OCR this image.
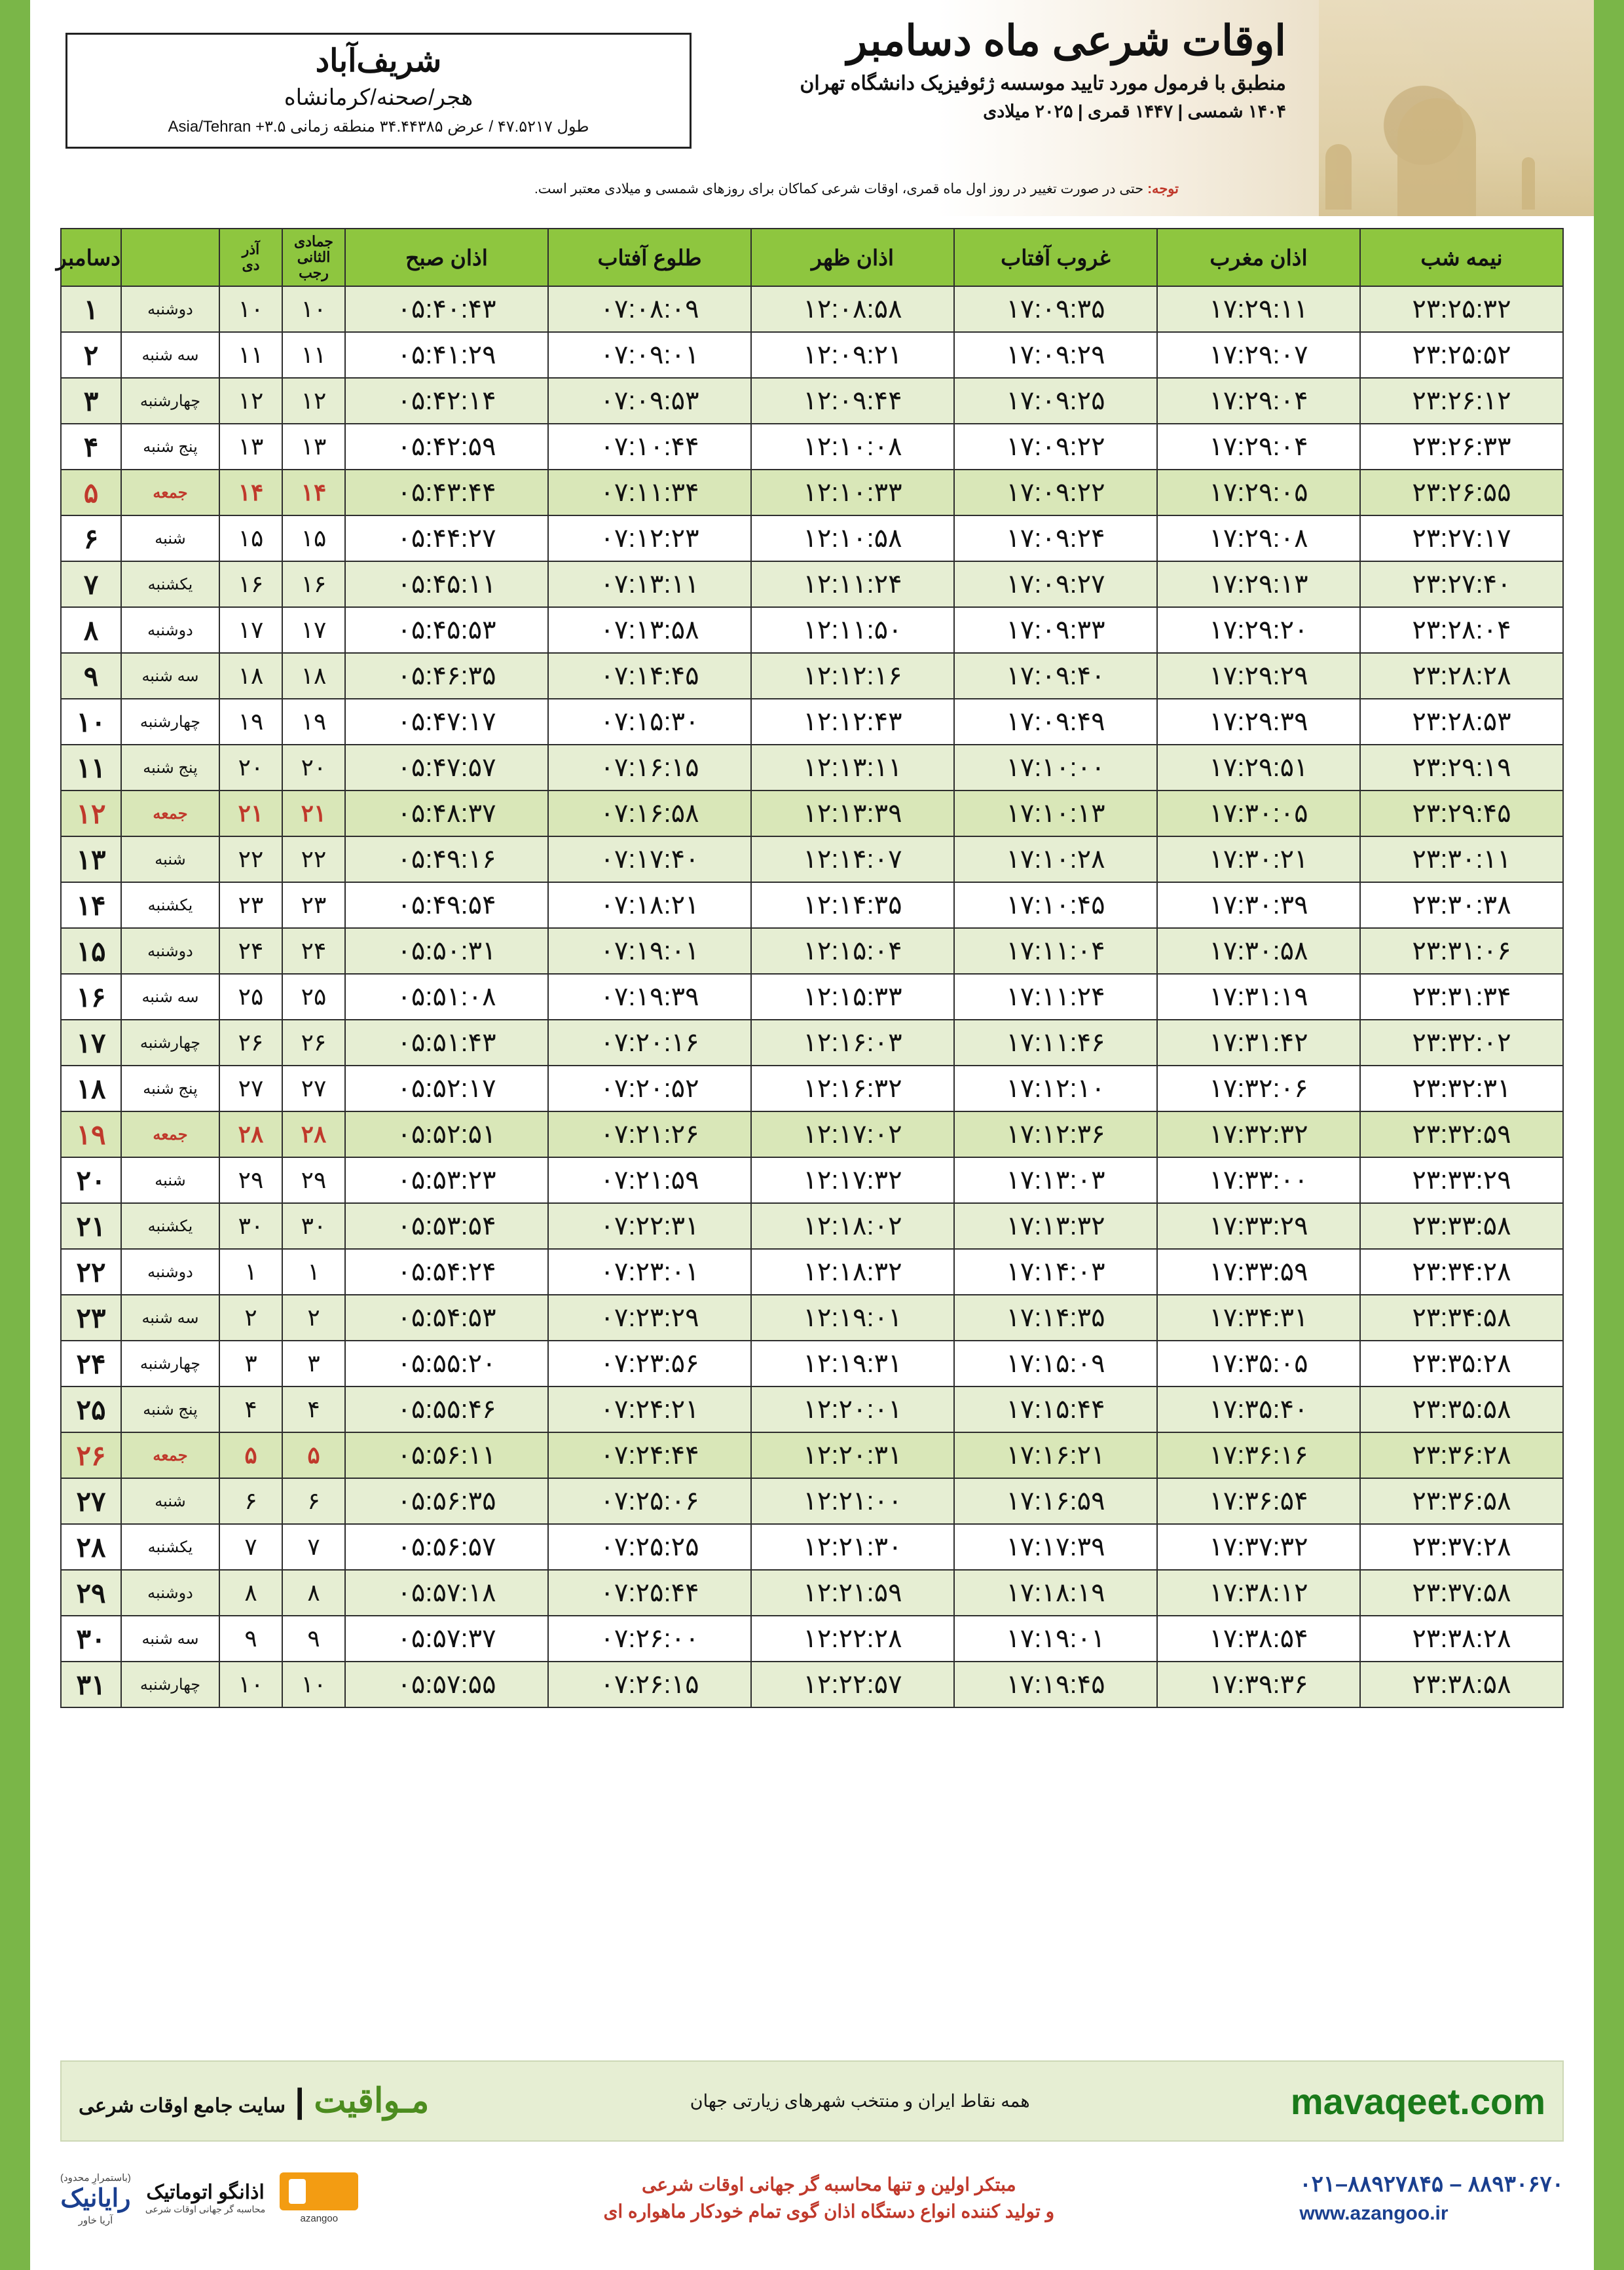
اوقات شرعی ماه دسامبر
منطبق با فرمول مورد تایید موسسه ژئوفیزیک دانشگاه تهران
۱۴۰۴ شمسی | ۱۴۴۷ قمری | ۲۰۲۵ میلادی
شریف‌آباد
هجر/صحنه/کرمانشاه
طول ۴۷.۵۲۱۷ / عرض ۳۴.۴۴۳۸۵ منطقه زمانی Asia/Tehran +۳.۵
توجه: حتی در صورت تغییر در روز اول ماه قمری، اوقات شرعی کماکان برای روزهای شمسی و میلادی معتبر است.
نیمه شب	اذان مغرب	غروب آفتاب	اذان ظهر	طلوع آفتاب	اذان صبح	
جمادی الثانی
رجب

آذر
دی
		دسامبر
۲۳:۲۵:۳۲	۱۷:۲۹:۱۱	۱۷:۰۹:۳۵	۱۲:۰۸:۵۸	۰۷:۰۸:۰۹	۰۵:۴۰:۴۳	۱۰	۱۰	دوشنبه	۱
۲۳:۲۵:۵۲	۱۷:۲۹:۰۷	۱۷:۰۹:۲۹	۱۲:۰۹:۲۱	۰۷:۰۹:۰۱	۰۵:۴۱:۲۹	۱۱	۱۱	سه شنبه	۲
۲۳:۲۶:۱۲	۱۷:۲۹:۰۴	۱۷:۰۹:۲۵	۱۲:۰۹:۴۴	۰۷:۰۹:۵۳	۰۵:۴۲:۱۴	۱۲	۱۲	چهارشنبه	۳
۲۳:۲۶:۳۳	۱۷:۲۹:۰۴	۱۷:۰۹:۲۲	۱۲:۱۰:۰۸	۰۷:۱۰:۴۴	۰۵:۴۲:۵۹	۱۳	۱۳	پنج شنبه	۴
۲۳:۲۶:۵۵	۱۷:۲۹:۰۵	۱۷:۰۹:۲۲	۱۲:۱۰:۳۳	۰۷:۱۱:۳۴	۰۵:۴۳:۴۴	۱۴	۱۴	جمعه	۵
۲۳:۲۷:۱۷	۱۷:۲۹:۰۸	۱۷:۰۹:۲۴	۱۲:۱۰:۵۸	۰۷:۱۲:۲۳	۰۵:۴۴:۲۷	۱۵	۱۵	شنبه	۶
۲۳:۲۷:۴۰	۱۷:۲۹:۱۳	۱۷:۰۹:۲۷	۱۲:۱۱:۲۴	۰۷:۱۳:۱۱	۰۵:۴۵:۱۱	۱۶	۱۶	یکشنبه	۷
۲۳:۲۸:۰۴	۱۷:۲۹:۲۰	۱۷:۰۹:۳۳	۱۲:۱۱:۵۰	۰۷:۱۳:۵۸	۰۵:۴۵:۵۳	۱۷	۱۷	دوشنبه	۸
۲۳:۲۸:۲۸	۱۷:۲۹:۲۹	۱۷:۰۹:۴۰	۱۲:۱۲:۱۶	۰۷:۱۴:۴۵	۰۵:۴۶:۳۵	۱۸	۱۸	سه شنبه	۹
۲۳:۲۸:۵۳	۱۷:۲۹:۳۹	۱۷:۰۹:۴۹	۱۲:۱۲:۴۳	۰۷:۱۵:۳۰	۰۵:۴۷:۱۷	۱۹	۱۹	چهارشنبه	۱۰
۲۳:۲۹:۱۹	۱۷:۲۹:۵۱	۱۷:۱۰:۰۰	۱۲:۱۳:۱۱	۰۷:۱۶:۱۵	۰۵:۴۷:۵۷	۲۰	۲۰	پنج شنبه	۱۱
۲۳:۲۹:۴۵	۱۷:۳۰:۰۵	۱۷:۱۰:۱۳	۱۲:۱۳:۳۹	۰۷:۱۶:۵۸	۰۵:۴۸:۳۷	۲۱	۲۱	جمعه	۱۲
۲۳:۳۰:۱۱	۱۷:۳۰:۲۱	۱۷:۱۰:۲۸	۱۲:۱۴:۰۷	۰۷:۱۷:۴۰	۰۵:۴۹:۱۶	۲۲	۲۲	شنبه	۱۳
۲۳:۳۰:۳۸	۱۷:۳۰:۳۹	۱۷:۱۰:۴۵	۱۲:۱۴:۳۵	۰۷:۱۸:۲۱	۰۵:۴۹:۵۴	۲۳	۲۳	یکشنبه	۱۴
۲۳:۳۱:۰۶	۱۷:۳۰:۵۸	۱۷:۱۱:۰۴	۱۲:۱۵:۰۴	۰۷:۱۹:۰۱	۰۵:۵۰:۳۱	۲۴	۲۴	دوشنبه	۱۵
۲۳:۳۱:۳۴	۱۷:۳۱:۱۹	۱۷:۱۱:۲۴	۱۲:۱۵:۳۳	۰۷:۱۹:۳۹	۰۵:۵۱:۰۸	۲۵	۲۵	سه شنبه	۱۶
۲۳:۳۲:۰۲	۱۷:۳۱:۴۲	۱۷:۱۱:۴۶	۱۲:۱۶:۰۳	۰۷:۲۰:۱۶	۰۵:۵۱:۴۳	۲۶	۲۶	چهارشنبه	۱۷
۲۳:۳۲:۳۱	۱۷:۳۲:۰۶	۱۷:۱۲:۱۰	۱۲:۱۶:۳۲	۰۷:۲۰:۵۲	۰۵:۵۲:۱۷	۲۷	۲۷	پنج شنبه	۱۸
۲۳:۳۲:۵۹	۱۷:۳۲:۳۲	۱۷:۱۲:۳۶	۱۲:۱۷:۰۲	۰۷:۲۱:۲۶	۰۵:۵۲:۵۱	۲۸	۲۸	جمعه	۱۹
۲۳:۳۳:۲۹	۱۷:۳۳:۰۰	۱۷:۱۳:۰۳	۱۲:۱۷:۳۲	۰۷:۲۱:۵۹	۰۵:۵۳:۲۳	۲۹	۲۹	شنبه	۲۰
۲۳:۳۳:۵۸	۱۷:۳۳:۲۹	۱۷:۱۳:۳۲	۱۲:۱۸:۰۲	۰۷:۲۲:۳۱	۰۵:۵۳:۵۴	۳۰	۳۰	یکشنبه	۲۱
۲۳:۳۴:۲۸	۱۷:۳۳:۵۹	۱۷:۱۴:۰۳	۱۲:۱۸:۳۲	۰۷:۲۳:۰۱	۰۵:۵۴:۲۴	۱	۱	دوشنبه	۲۲
۲۳:۳۴:۵۸	۱۷:۳۴:۳۱	۱۷:۱۴:۳۵	۱۲:۱۹:۰۱	۰۷:۲۳:۲۹	۰۵:۵۴:۵۳	۲	۲	سه شنبه	۲۳
۲۳:۳۵:۲۸	۱۷:۳۵:۰۵	۱۷:۱۵:۰۹	۱۲:۱۹:۳۱	۰۷:۲۳:۵۶	۰۵:۵۵:۲۰	۳	۳	چهارشنبه	۲۴
۲۳:۳۵:۵۸	۱۷:۳۵:۴۰	۱۷:۱۵:۴۴	۱۲:۲۰:۰۱	۰۷:۲۴:۲۱	۰۵:۵۵:۴۶	۴	۴	پنج شنبه	۲۵
۲۳:۳۶:۲۸	۱۷:۳۶:۱۶	۱۷:۱۶:۲۱	۱۲:۲۰:۳۱	۰۷:۲۴:۴۴	۰۵:۵۶:۱۱	۵	۵	جمعه	۲۶
۲۳:۳۶:۵۸	۱۷:۳۶:۵۴	۱۷:۱۶:۵۹	۱۲:۲۱:۰۰	۰۷:۲۵:۰۶	۰۵:۵۶:۳۵	۶	۶	شنبه	۲۷
۲۳:۳۷:۲۸	۱۷:۳۷:۳۲	۱۷:۱۷:۳۹	۱۲:۲۱:۳۰	۰۷:۲۵:۲۵	۰۵:۵۶:۵۷	۷	۷	یکشنبه	۲۸
۲۳:۳۷:۵۸	۱۷:۳۸:۱۲	۱۷:۱۸:۱۹	۱۲:۲۱:۵۹	۰۷:۲۵:۴۴	۰۵:۵۷:۱۸	۸	۸	دوشنبه	۲۹
۲۳:۳۸:۲۸	۱۷:۳۸:۵۴	۱۷:۱۹:۰۱	۱۲:۲۲:۲۸	۰۷:۲۶:۰۰	۰۵:۵۷:۳۷	۹	۹	سه شنبه	۳۰
۲۳:۳۸:۵۸	۱۷:۳۹:۳۶	۱۷:۱۹:۴۵	۱۲:۲۲:۵۷	۰۷:۲۶:۱۵	۰۵:۵۷:۵۵	۱۰	۱۰	چهارشنبه	۳۱
mavaqeet.com
همه نقاط ایران و منتخب شهرهای زیارتی جهان
مـواقیت | سایت جامع اوقات شرعی
۰۲۱–۸۸۹۲۷۸۴۵ – ۸۸۹۳۰۶۷۰
www.azangoo.ir
مبتکر اولین و تنها محاسبه گر جهانی اوقات شرعی
و تولید کننده انواع دستگاه اذان گوی تمام خودکار ماهواره ای
azangoo
اذانگو اتوماتیک
محاسبه گر جهانی اوقات شرعی
(باستمرارِ محدود)
رایانیک
آریا خاور
